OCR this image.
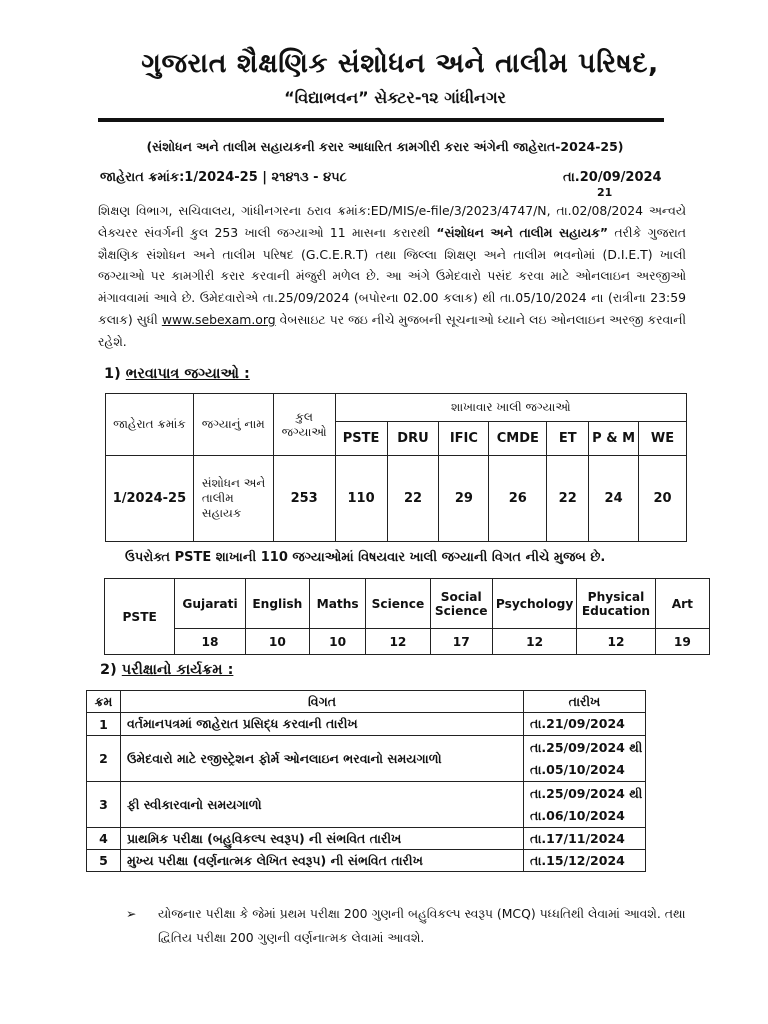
ગુજરાત શૈક્ષણિક સંશોધન અને તાલીમ પરિષદ,
“વિદ્યાભવન” સેક્ટર-૧૨ ગાંધીનગર
(સંશોધન અને તાલીમ સહાયકની કરાર આધારિત કામગીરી કરાર અંગેની જાહેરાત-2024-25)
જાહેરાત ક્રમાંક:1/2024-25 | ૨૧૪૧૩ - ૪૫૮	તા.20/09/2024
21
શિક્ષણ વિભાગ, સચિવાલય, ગાંધીનગરના ઠરાવ ક્રમાંક:ED/MIS/e-file/3/2023/4747/N, તા.02/08/2024 અન્વયે લેક્ચરર સંવર્ગની કુલ 253 ખાલી જગ્યાઓ 11 માસના કરારથી “સંશોધન અને તાલીમ સહાયક” તરીકે ગુજરાત શૈક્ષણિક સંશોધન અને તાલીમ પરિષદ (G.C.E.R.T) તથા જિલ્લા શિક્ષણ અને તાલીમ ભવનોમાં (D.I.E.T) ખાલી જગ્યાઓ પર કામગીરી કરાર કરવાની મંજુરી મળેલ છે. આ અંગે ઉમેદવારો પસંદ કરવા માટે ઓનલાઇન અરજીઓ મંગાવવામાં આવે છે. ઉમેદવારોએ તા.25/09/2024 (બપોરના 02.00 કલાક) થી તા.05/10/2024 ના (રાત્રીના 23:59 કલાક) સુધી www.sebexam.org વેબસાઇટ પર જઇ નીચે મુજબની સૂચનાઓ ધ્યાને લઇ ઓનલાઇન અરજી કરવાની રહેશે.
1) ભરવાપાત્ર જગ્યાઓ :
જાહેરાત ક્રમાંક	જગ્યાનું નામ	કુલ જગ્યાઓ	શાખાવાર ખાલી જગ્યાઓ						
			PSTE	DRU	IFIC	CMDE	ET	P & M	WE
1/2024-25	સંશોધન અને તાલીમ સહાયક	253	110	22	29	26	22	24	20
ઉપરોક્ત PSTE શાખાની 110 જગ્યાઓમાં વિષયવાર ખાલી જગ્યાની વિગત નીચે મુજબ છે.
PSTE	Gujarati	English	Maths	Science	Social Science	Psychology	Physical Education	Art
	18	10	10	12	17	12	12	19
2) પરીક્ષાનો કાર્યક્રમ :
ક્રમ	વિગત	તારીખ
1	વર્તમાનપત્રમાં જાહેરાત પ્રસિદ્ધ કરવાની તારીખ	તા.21/09/2024

2	ઉમેદવારો માટે રજીસ્ટ્રેશન ફોર્મ ઓનલાઇન ભરવાનો સમયગાળો	તા.25/09/2024 થી
તા.05/10/2024

3	ફી સ્વીકારવાનો સમયગાળો	તા.25/09/2024 થી
તા.06/10/2024

4	પ્રાથમિક પરીક્ષા (બહુવિકલ્પ સ્વરૂપ) ની સંભવિત તારીખ	તા.17/11/2024

5	મુખ્ય પરીક્ષા (વર્ણનાત્મક લેખિત સ્વરૂપ) ની સંભવિત તારીખ	તા.15/12/2024
➢ યોજનાર પરીક્ષા કે જેમાં પ્રથમ પરીક્ષા 200 ગુણની બહુવિકલ્પ સ્વરૂપ (MCQ) પધ્ધતિથી લેવામાં આવશે. તથા દ્વિતિય પરીક્ષા 200 ગુણની વર્ણનાત્મક લેવામાં આવશે.
